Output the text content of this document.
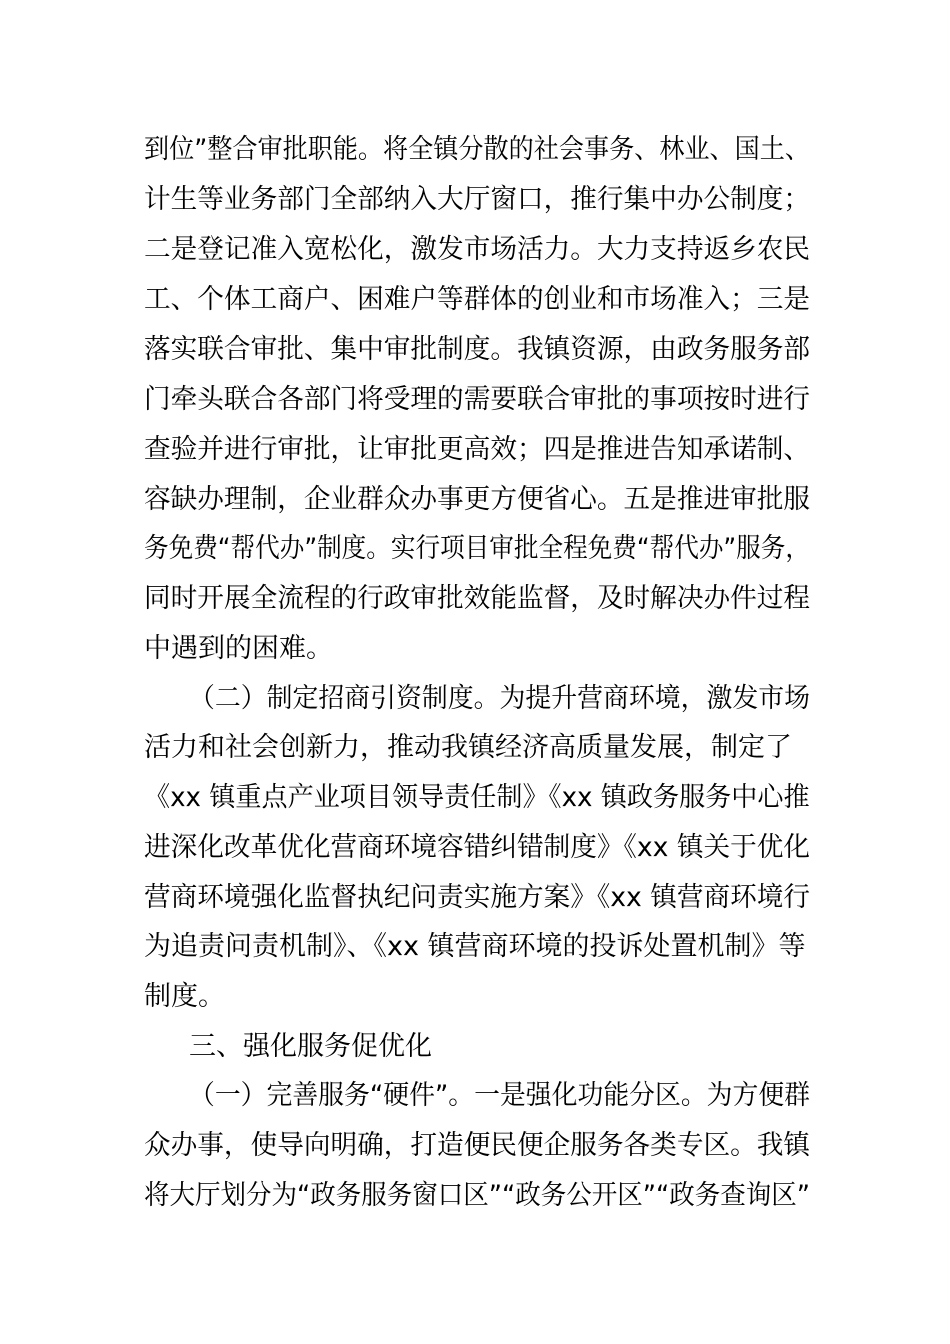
到位”整合审批职能。将全镇分散的社会事务、林业、国土、
计生等业务部门全部纳入大厅窗口，推行集中办公制度；
二是登记准入宽松化，激发市场活力。大力支持返乡农民
工、个体工商户、困难户等群体的创业和市场准入；三是
落实联合审批、集中审批制度。我镇资源，由政务服务部
门牵头联合各部门将受理的需要联合审批的事项按时进行
查验并进行审批，让审批更高效；四是推进告知承诺制、
容缺办理制，企业群众办事更方便省心。五是推进审批服
务免费“帮代办”制度。实行项目审批全程免费“帮代办”服务，
同时开展全流程的行政审批效能监督，及时解决办件过程
中遇到的困难。
（二）制定招商引资制度。为提升营商环境，激发市场
活力和社会创新力，推动我镇经济高质量发展，制定了
《xx 镇重点产业项目领导责任制》《xx 镇政务服务中心推
进深化改革优化营商环境容错纠错制度》《xx 镇关于优化
营商环境强化监督执纪问责实施方案》《xx 镇营商环境行
为追责问责机制》、《xx 镇营商环境的投诉处置机制》等
制度。
三、强化服务促优化
（一）完善服务“硬件”。一是强化功能分区。为方便群
众办事，使导向明确，打造便民便企服务各类专区。我镇
将大厅划分为“政务服务窗口区”“政务公开区”“政务查询区”
